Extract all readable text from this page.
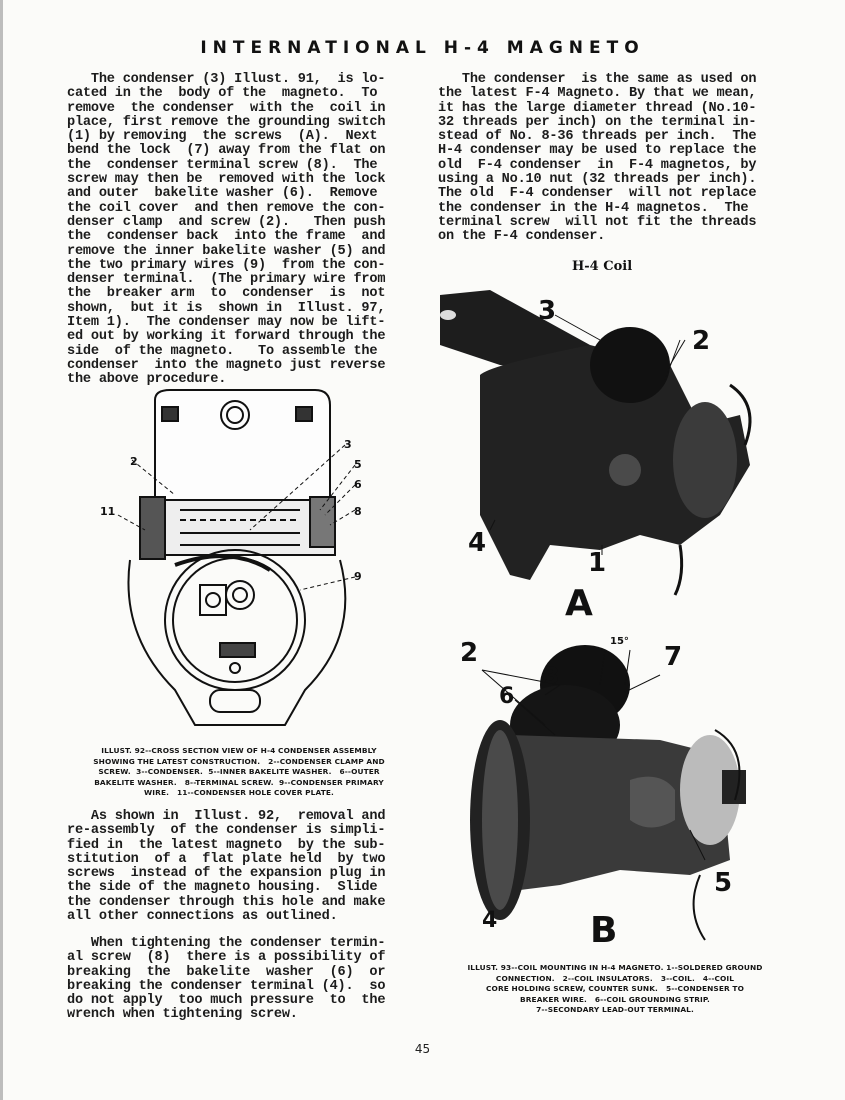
INTERNATIONAL H-4 MAGNETO
The condenser (3) Illust. 91,  is lo-
cated in the  body of the  magneto.  To
remove  the condenser  with the  coil in
place, first remove the grounding switch
(1) by removing  the screws  (A).  Next
bend the lock  (7) away from the flat on
the  condenser terminal screw (8).  The
screw may then be  removed with the lock
and outer  bakelite washer (6).  Remove
the coil cover  and then remove the con-
denser clamp  and screw (2).   Then push
the  condenser back  into the frame  and
remove the inner bakelite washer (5) and
the two primary wires (9)  from the con-
denser terminal.  (The primary wire from
the  breaker arm  to  condenser  is  not
shown,  but it is  shown in  Illust. 97,
Item 1).  The condenser may now be lift-
ed out by working it forward through the
side  of the magneto.   To assemble the
condenser  into the magneto just reverse
the above procedure.
The condenser  is the same as used on
the latest F-4 Magneto. By that we mean,
it has the large diameter thread (No.10-
32 threads per inch) on the terminal in-
stead of No. 8-36 threads per inch.  The
H-4 condenser may be used to replace the
old  F-4 condenser  in  F-4 magnetos, by
using a No.10 nut (32 threads per inch).
The old  F-4 condenser  will not replace
the condenser in the H-4 magnetos.  The
terminal screw  will not fit the threads
on the F-4 condenser.
H-4 Coil
2
3
5
6
8
9
11
ILLUST. 92--CROSS SECTION VIEW OF H-4 CONDENSER ASSEMBLY
SHOWING THE LATEST CONSTRUCTION.   2--CONDENSER CLAMP AND
SCREW.  3--CONDENSER.  5--INNER BAKELITE WASHER.   6--OUTER
BAKELITE WASHER.   8--TERMINAL SCREW.  9--CONDENSER PRIMARY
WIRE.   11--CONDENSER HOLE COVER PLATE.
As shown in  Illust. 92,  removal and
re-assembly  of the condenser is simpli-
fied in  the latest magneto  by the sub-
stitution  of a  flat plate held  by two
screws  instead of the expansion plug in
the side of the magneto housing.  Slide
the condenser through this hole and make
all other connections as outlined.
When tightening the condenser termin-
al screw  (8)  there is a possibility of
breaking  the  bakelite  washer  (6)  or
breaking the condenser terminal (4).  so
do not apply  too much pressure  to  the
wrench when tightening screw.
3
2
4
1
A
2
3
6
7
4
5
15°
B
ILLUST. 93--COIL MOUNTING IN H-4 MAGNETO. 1--SOLDERED GROUND
CONNECTION.   2--COIL INSULATORS.   3--COIL.   4--COIL
CORE HOLDING SCREW, COUNTER SUNK.   5--CONDENSER TO
BREAKER WIRE.   6--COIL GROUNDING STRIP.
7--SECONDARY LEAD-OUT TERMINAL.
45
